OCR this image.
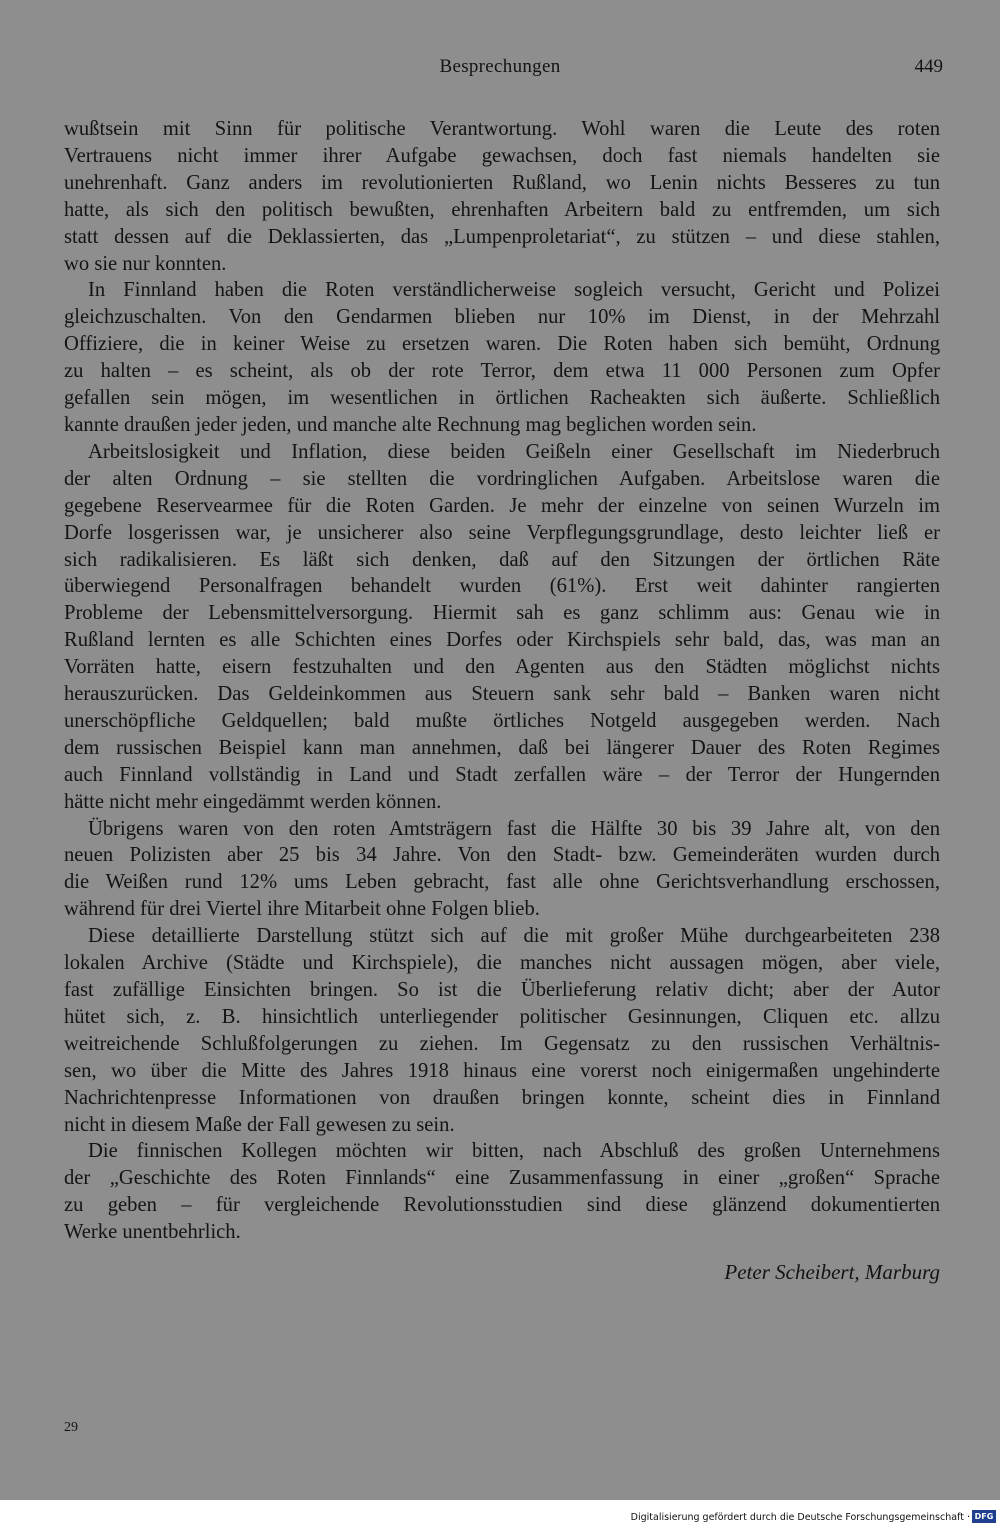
Besprechungen	449
wußtsein mit Sinn für politische Verantwortung. Wohl waren die Leute des roten
Vertrauens nicht immer ihrer Aufgabe gewachsen, doch fast niemals handelten sie
unehrenhaft. Ganz anders im revolutionierten Rußland, wo Lenin nichts Besseres zu tun
hatte, als sich den politisch bewußten, ehrenhaften Arbeitern bald zu entfremden, um sich
statt dessen auf die Deklassierten, das „Lumpenproletariat“, zu stützen – und diese stahlen,
wo sie nur konnten.
In Finnland haben die Roten verständlicherweise sogleich versucht, Gericht und Polizei
gleichzuschalten. Von den Gendarmen blieben nur 10% im Dienst, in der Mehrzahl
Offiziere, die in keiner Weise zu ersetzen waren. Die Roten haben sich bemüht, Ordnung
zu halten – es scheint, als ob der rote Terror, dem etwa 11 000 Personen zum Opfer
gefallen sein mögen, im wesentlichen in örtlichen Racheakten sich äußerte. Schließlich
kannte draußen jeder jeden, und manche alte Rechnung mag beglichen worden sein.
Arbeitslosigkeit und Inflation, diese beiden Geißeln einer Gesellschaft im Niederbruch
der alten Ordnung – sie stellten die vordringlichen Aufgaben. Arbeitslose waren die
gegebene Reservearmee für die Roten Garden. Je mehr der einzelne von seinen Wurzeln im
Dorfe losgerissen war, je unsicherer also seine Verpflegungsgrundlage, desto leichter ließ er
sich radikalisieren. Es läßt sich denken, daß auf den Sitzungen der örtlichen Räte
überwiegend Personalfragen behandelt wurden (61%). Erst weit dahinter rangierten
Probleme der Lebensmittelversorgung. Hiermit sah es ganz schlimm aus: Genau wie in
Rußland lernten es alle Schichten eines Dorfes oder Kirchspiels sehr bald, das, was man an
Vorräten hatte, eisern festzuhalten und den Agenten aus den Städten möglichst nichts
herauszurücken. Das Geldeinkommen aus Steuern sank sehr bald – Banken waren nicht
unerschöpfliche Geldquellen; bald mußte örtliches Notgeld ausgegeben werden. Nach
dem russischen Beispiel kann man annehmen, daß bei längerer Dauer des Roten Regimes
auch Finnland vollständig in Land und Stadt zerfallen wäre – der Terror der Hungernden
hätte nicht mehr eingedämmt werden können.
Übrigens waren von den roten Amtsträgern fast die Hälfte 30 bis 39 Jahre alt, von den
neuen Polizisten aber 25 bis 34 Jahre. Von den Stadt- bzw. Gemeinderäten wurden durch
die Weißen rund 12% ums Leben gebracht, fast alle ohne Gerichtsverhandlung erschossen,
während für drei Viertel ihre Mitarbeit ohne Folgen blieb.
Diese detaillierte Darstellung stützt sich auf die mit großer Mühe durchgearbeiteten 238
lokalen Archive (Städte und Kirchspiele), die manches nicht aussagen mögen, aber viele,
fast zufällige Einsichten bringen. So ist die Überlieferung relativ dicht; aber der Autor
hütet sich, z. B. hinsichtlich unterliegender politischer Gesinnungen, Cliquen etc. allzu
weitreichende Schlußfolgerungen zu ziehen. Im Gegensatz zu den russischen Verhältnis-
sen, wo über die Mitte des Jahres 1918 hinaus eine vorerst noch einigermaßen ungehinderte
Nachrichtenpresse Informationen von draußen bringen konnte, scheint dies in Finnland
nicht in diesem Maße der Fall gewesen zu sein.
Die finnischen Kollegen möchten wir bitten, nach Abschluß des großen Unternehmens
der „Geschichte des Roten Finnlands“ eine Zusammenfassung in einer „großen“ Sprache
zu geben – für vergleichende Revolutionsstudien sind diese glänzend dokumentierten
Werke unentbehrlich.
Peter Scheibert, Marburg
29
Digitalisierung gefördert durch die Deutsche Forschungsgemeinschaft · DFG
